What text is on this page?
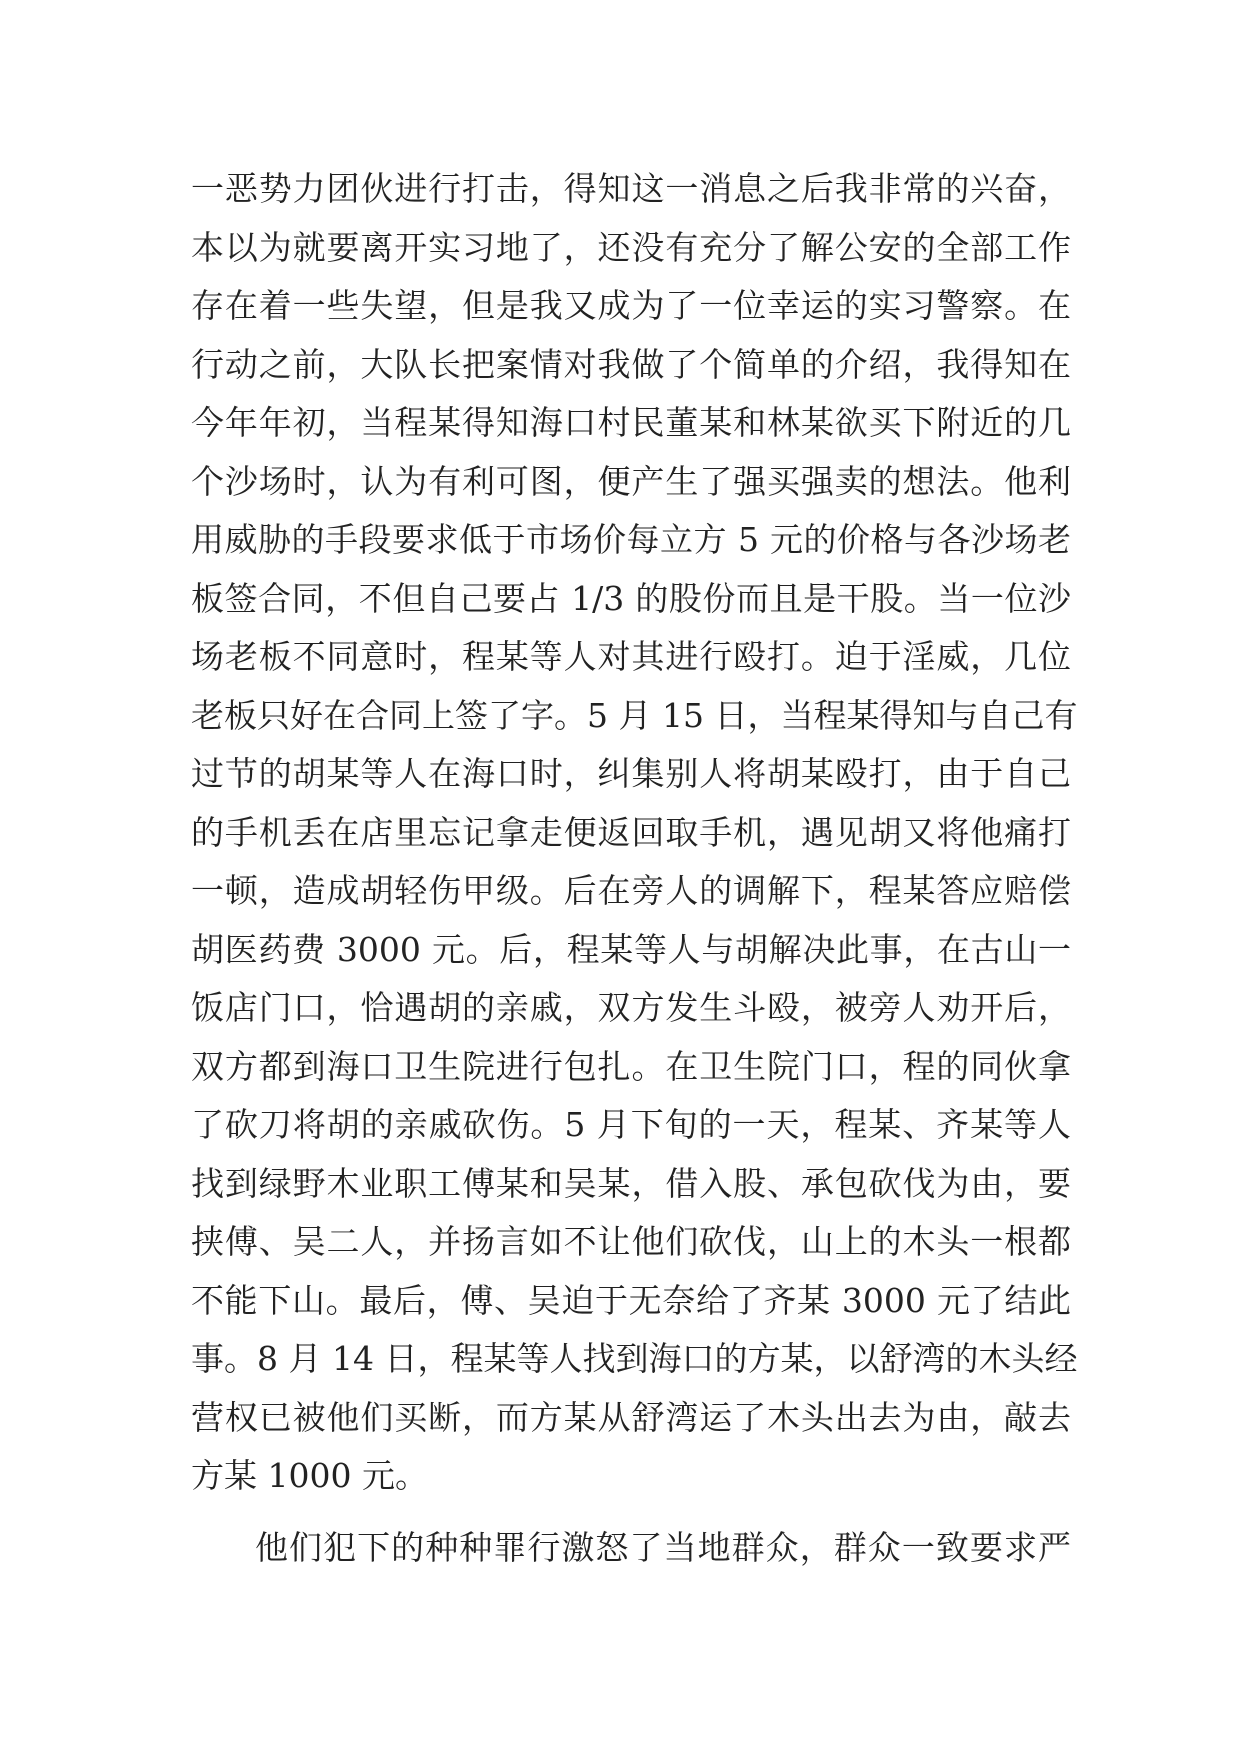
一恶势力团伙进行打击，得知这一消息之后我非常的兴奋，
本以为就要离开实习地了，还没有充分了解公安的全部工作
存在着一些失望，但是我又成为了一位幸运的实习警察。在
行动之前，大队长把案情对我做了个简单的介绍，我得知在
今年年初，当程某得知海口村民董某和林某欲买下附近的几
个沙场时，认为有利可图，便产生了强买强卖的想法。他利
用威胁的手段要求低于市场价每立方 5 元的价格与各沙场老
板签合同，不但自己要占 1/3 的股份而且是干股。当一位沙
场老板不同意时，程某等人对其进行殴打。迫于淫威，几位
老板只好在合同上签了字。5 月 15 日，当程某得知与自己有
过节的胡某等人在海口时，纠集别人将胡某殴打，由于自己
的手机丢在店里忘记拿走便返回取手机，遇见胡又将他痛打
一顿，造成胡轻伤甲级。后在旁人的调解下，程某答应赔偿
胡医药费 3000 元。后，程某等人与胡解决此事，在古山一
饭店门口，恰遇胡的亲戚，双方发生斗殴，被旁人劝开后，
双方都到海口卫生院进行包扎。在卫生院门口，程的同伙拿
了砍刀将胡的亲戚砍伤。5 月下旬的一天，程某、齐某等人
找到绿野木业职工傅某和吴某，借入股、承包砍伐为由，要
挟傅、吴二人，并扬言如不让他们砍伐，山上的木头一根都
不能下山。最后，傅、吴迫于无奈给了齐某 3000 元了结此
事。8 月 14 日，程某等人找到海口的方某，以舒湾的木头经
营权已被他们买断，而方某从舒湾运了木头出去为由，敲去
方某 1000 元。
他们犯下的种种罪行激怒了当地群众，群众一致要求严
